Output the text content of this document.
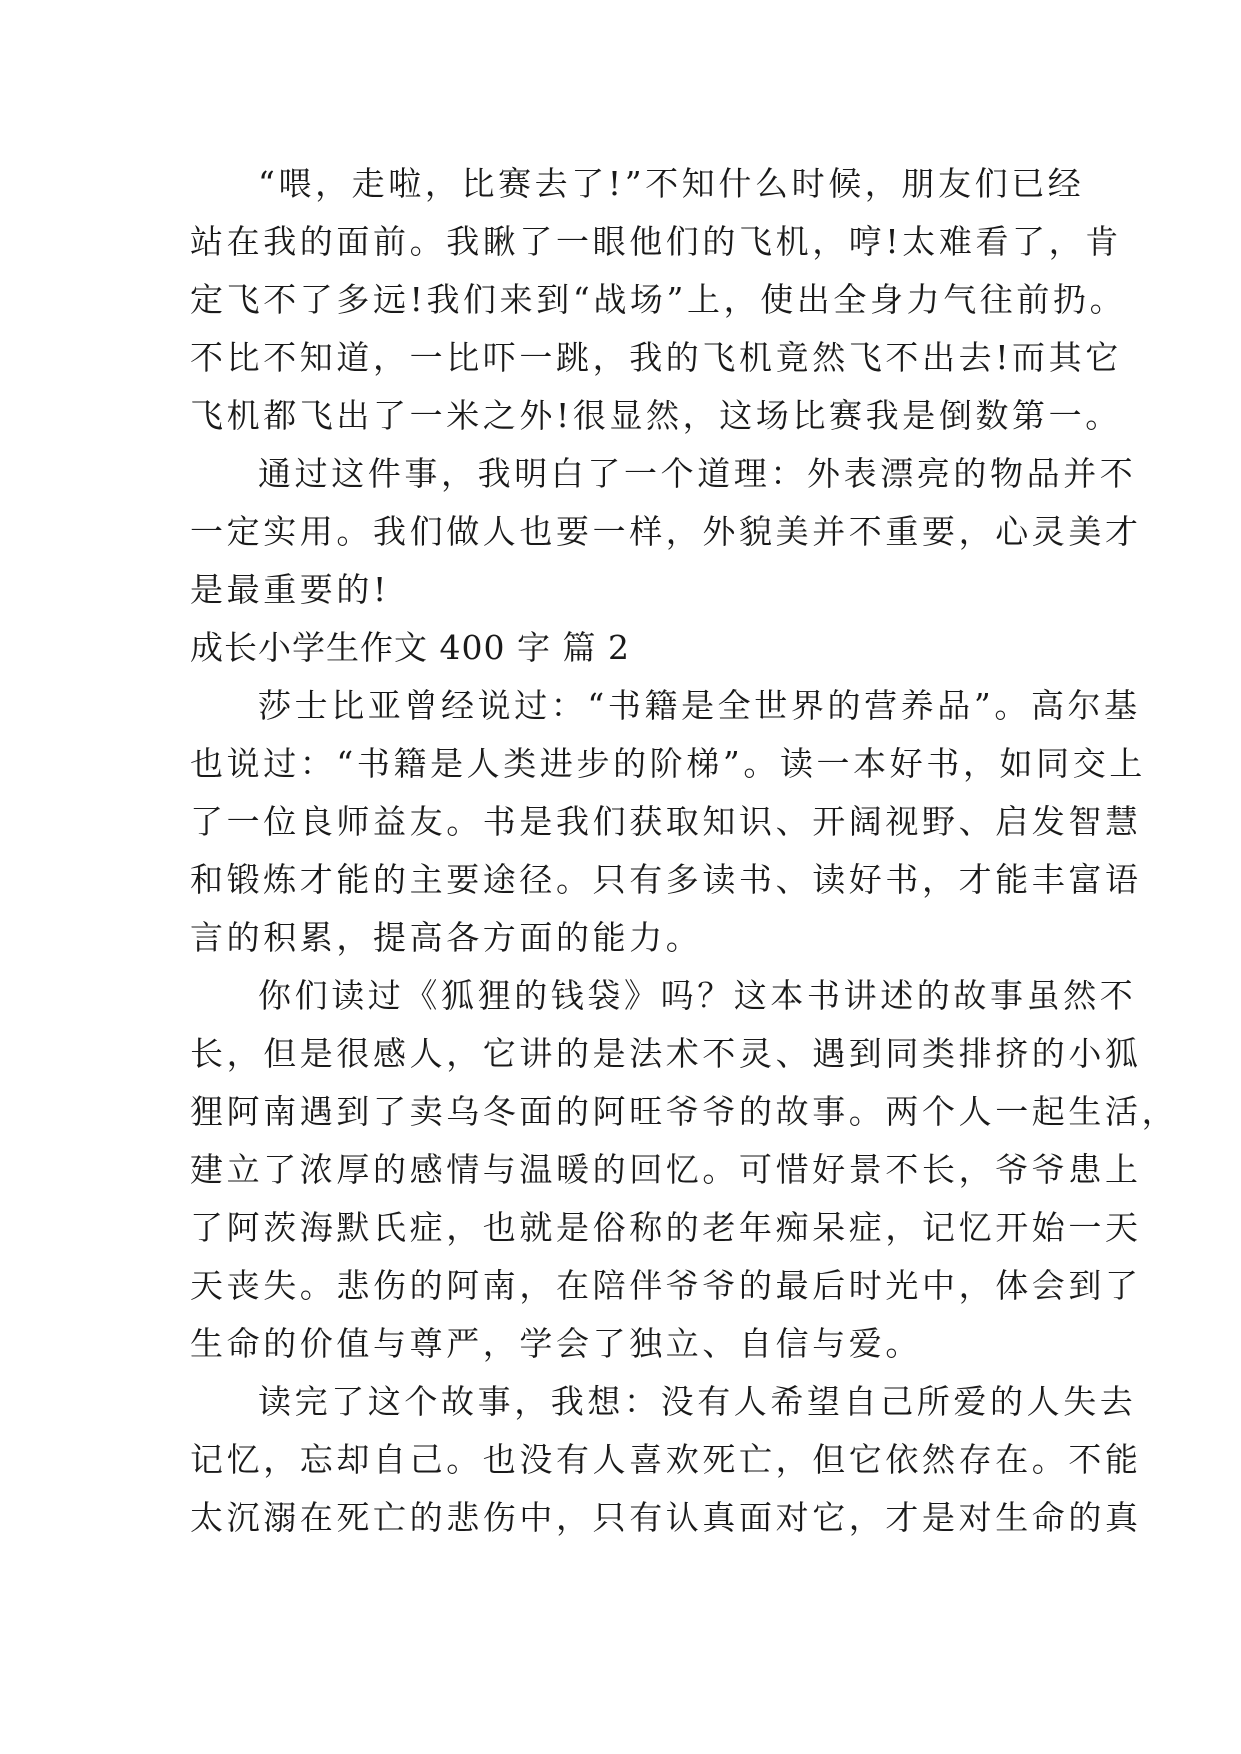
“喂，走啦，比赛去了!”不知什么时候，朋友们已经
站在我的面前。我瞅了一眼他们的飞机，哼!太难看了，肯
定飞不了多远!我们来到“战场”上，使出全身力气往前扔。
不比不知道，一比吓一跳，我的飞机竟然飞不出去!而其它
飞机都飞出了一米之外!很显然，这场比赛我是倒数第一。
通过这件事，我明白了一个道理：外表漂亮的物品并不
一定实用。我们做人也要一样，外貌美并不重要，心灵美才
是最重要的!
成长小学生作文 400 字 篇 2
莎士比亚曾经说过：“书籍是全世界的营养品”。高尔基
也说过：“书籍是人类进步的阶梯”。读一本好书，如同交上
了一位良师益友。书是我们获取知识、开阔视野、启发智慧
和锻炼才能的主要途径。只有多读书、读好书，才能丰富语
言的积累，提高各方面的能力。
你们读过《狐狸的钱袋》吗？这本书讲述的故事虽然不
长，但是很感人，它讲的是法术不灵、遇到同类排挤的小狐
狸阿南遇到了卖乌冬面的阿旺爷爷的故事。两个人一起生活，
建立了浓厚的感情与温暖的回忆。可惜好景不长，爷爷患上
了阿茨海默氏症，也就是俗称的老年痴呆症，记忆开始一天
天丧失。悲伤的阿南，在陪伴爷爷的最后时光中，体会到了
生命的价值与尊严，学会了独立、自信与爱。
读完了这个故事，我想：没有人希望自己所爱的人失去
记忆，忘却自己。也没有人喜欢死亡，但它依然存在。不能
太沉溺在死亡的悲伤中，只有认真面对它，才是对生命的真
